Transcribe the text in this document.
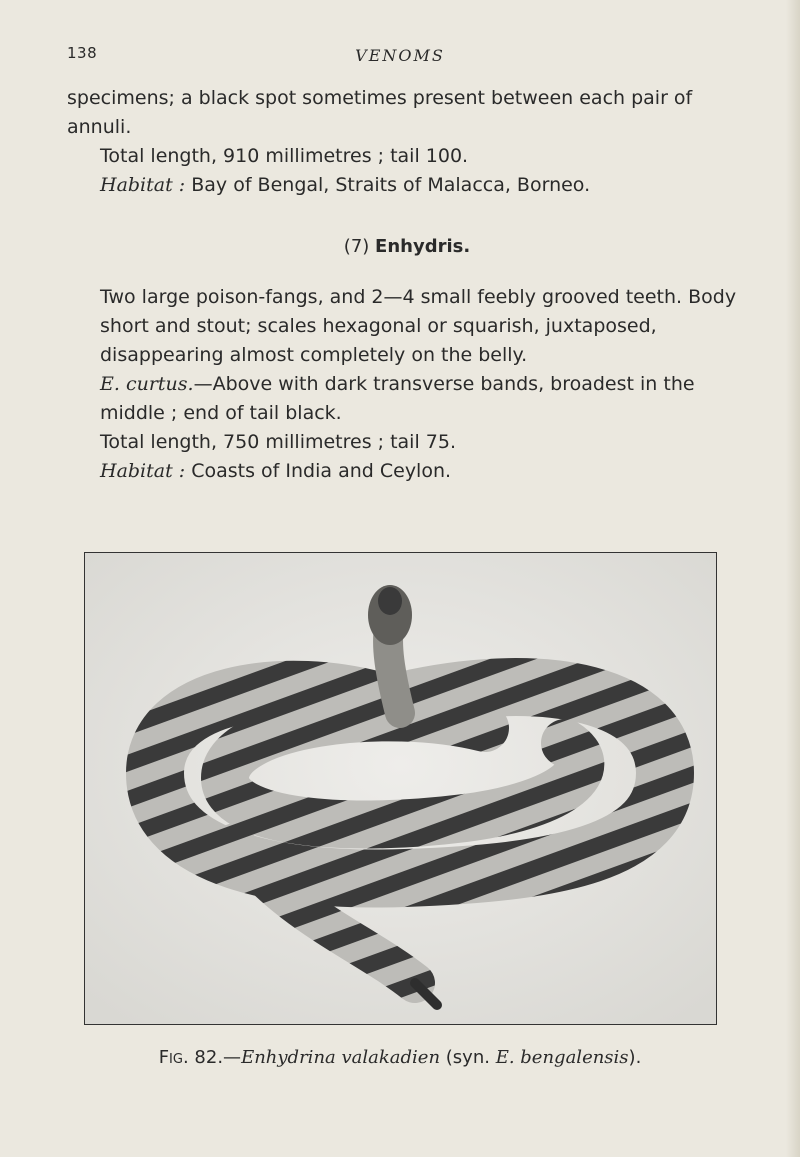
138	VENOMS

specimens; a black spot sometimes present between each pair of annuli.

Total length, 910 millimetres ; tail 100.

Habitat : Bay of Bengal, Straits of Malacca, Borneo.

(7) Enhydris.

Two large poison-fangs, and 2—4 small feebly grooved teeth. Body short and stout; scales hexagonal or squarish, juxtaposed, disappearing almost completely on the belly.

E. curtus.—Above with dark transverse bands, broadest in the middle ; end of tail black.

Total length, 750 millimetres ; tail 75.

Habitat : Coasts of India and Ceylon.

Fig. 82.—Enhydrina valakadien (syn. E. bengalensis).
